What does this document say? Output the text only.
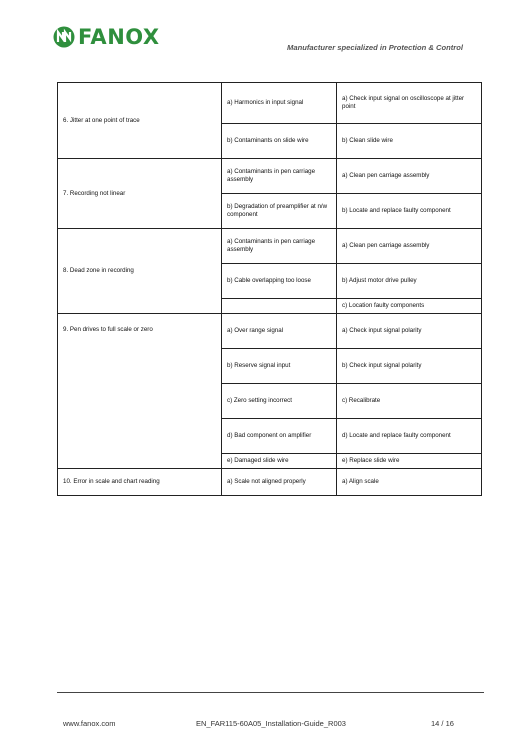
FANOX	Manufacturer specialized in Protection & Control
6. Jitter at one point of trace	a) Harmonics in input signal	a) Check input signal on oscilloscope at jitter point
	b) Contaminants on slide wire	b) Clean slide wire
7. Recording not linear	a) Contaminants in pen carriage assembly	a) Clean pen carriage assembly
	b) Degradation of preamplifier at n/w component	b) Locate and replace faulty component
8. Dead zone in recording	a) Contaminants in pen carriage assembly	a) Clean pen carriage assembly
	b) Cable overlapping too loose	b) Adjust motor drive pulley
		c) Location faulty components
9. Pen drives to full scale or zero	a) Over range signal	a) Check input signal polarity
	b) Reserve signal input	b) Check input signal polarity
	c) Zero setting incorrect	c) Recalibrate
	d) Bad component on amplifier	d) Locate and replace faulty component
	e) Damaged slide wire	e) Replace slide wire
10. Error in scale and chart reading	a) Scale not aligned properly	a) Align scale
www.fanox.com	EN_FAR115-60A05_Installation-Guide_R003	14 / 16
